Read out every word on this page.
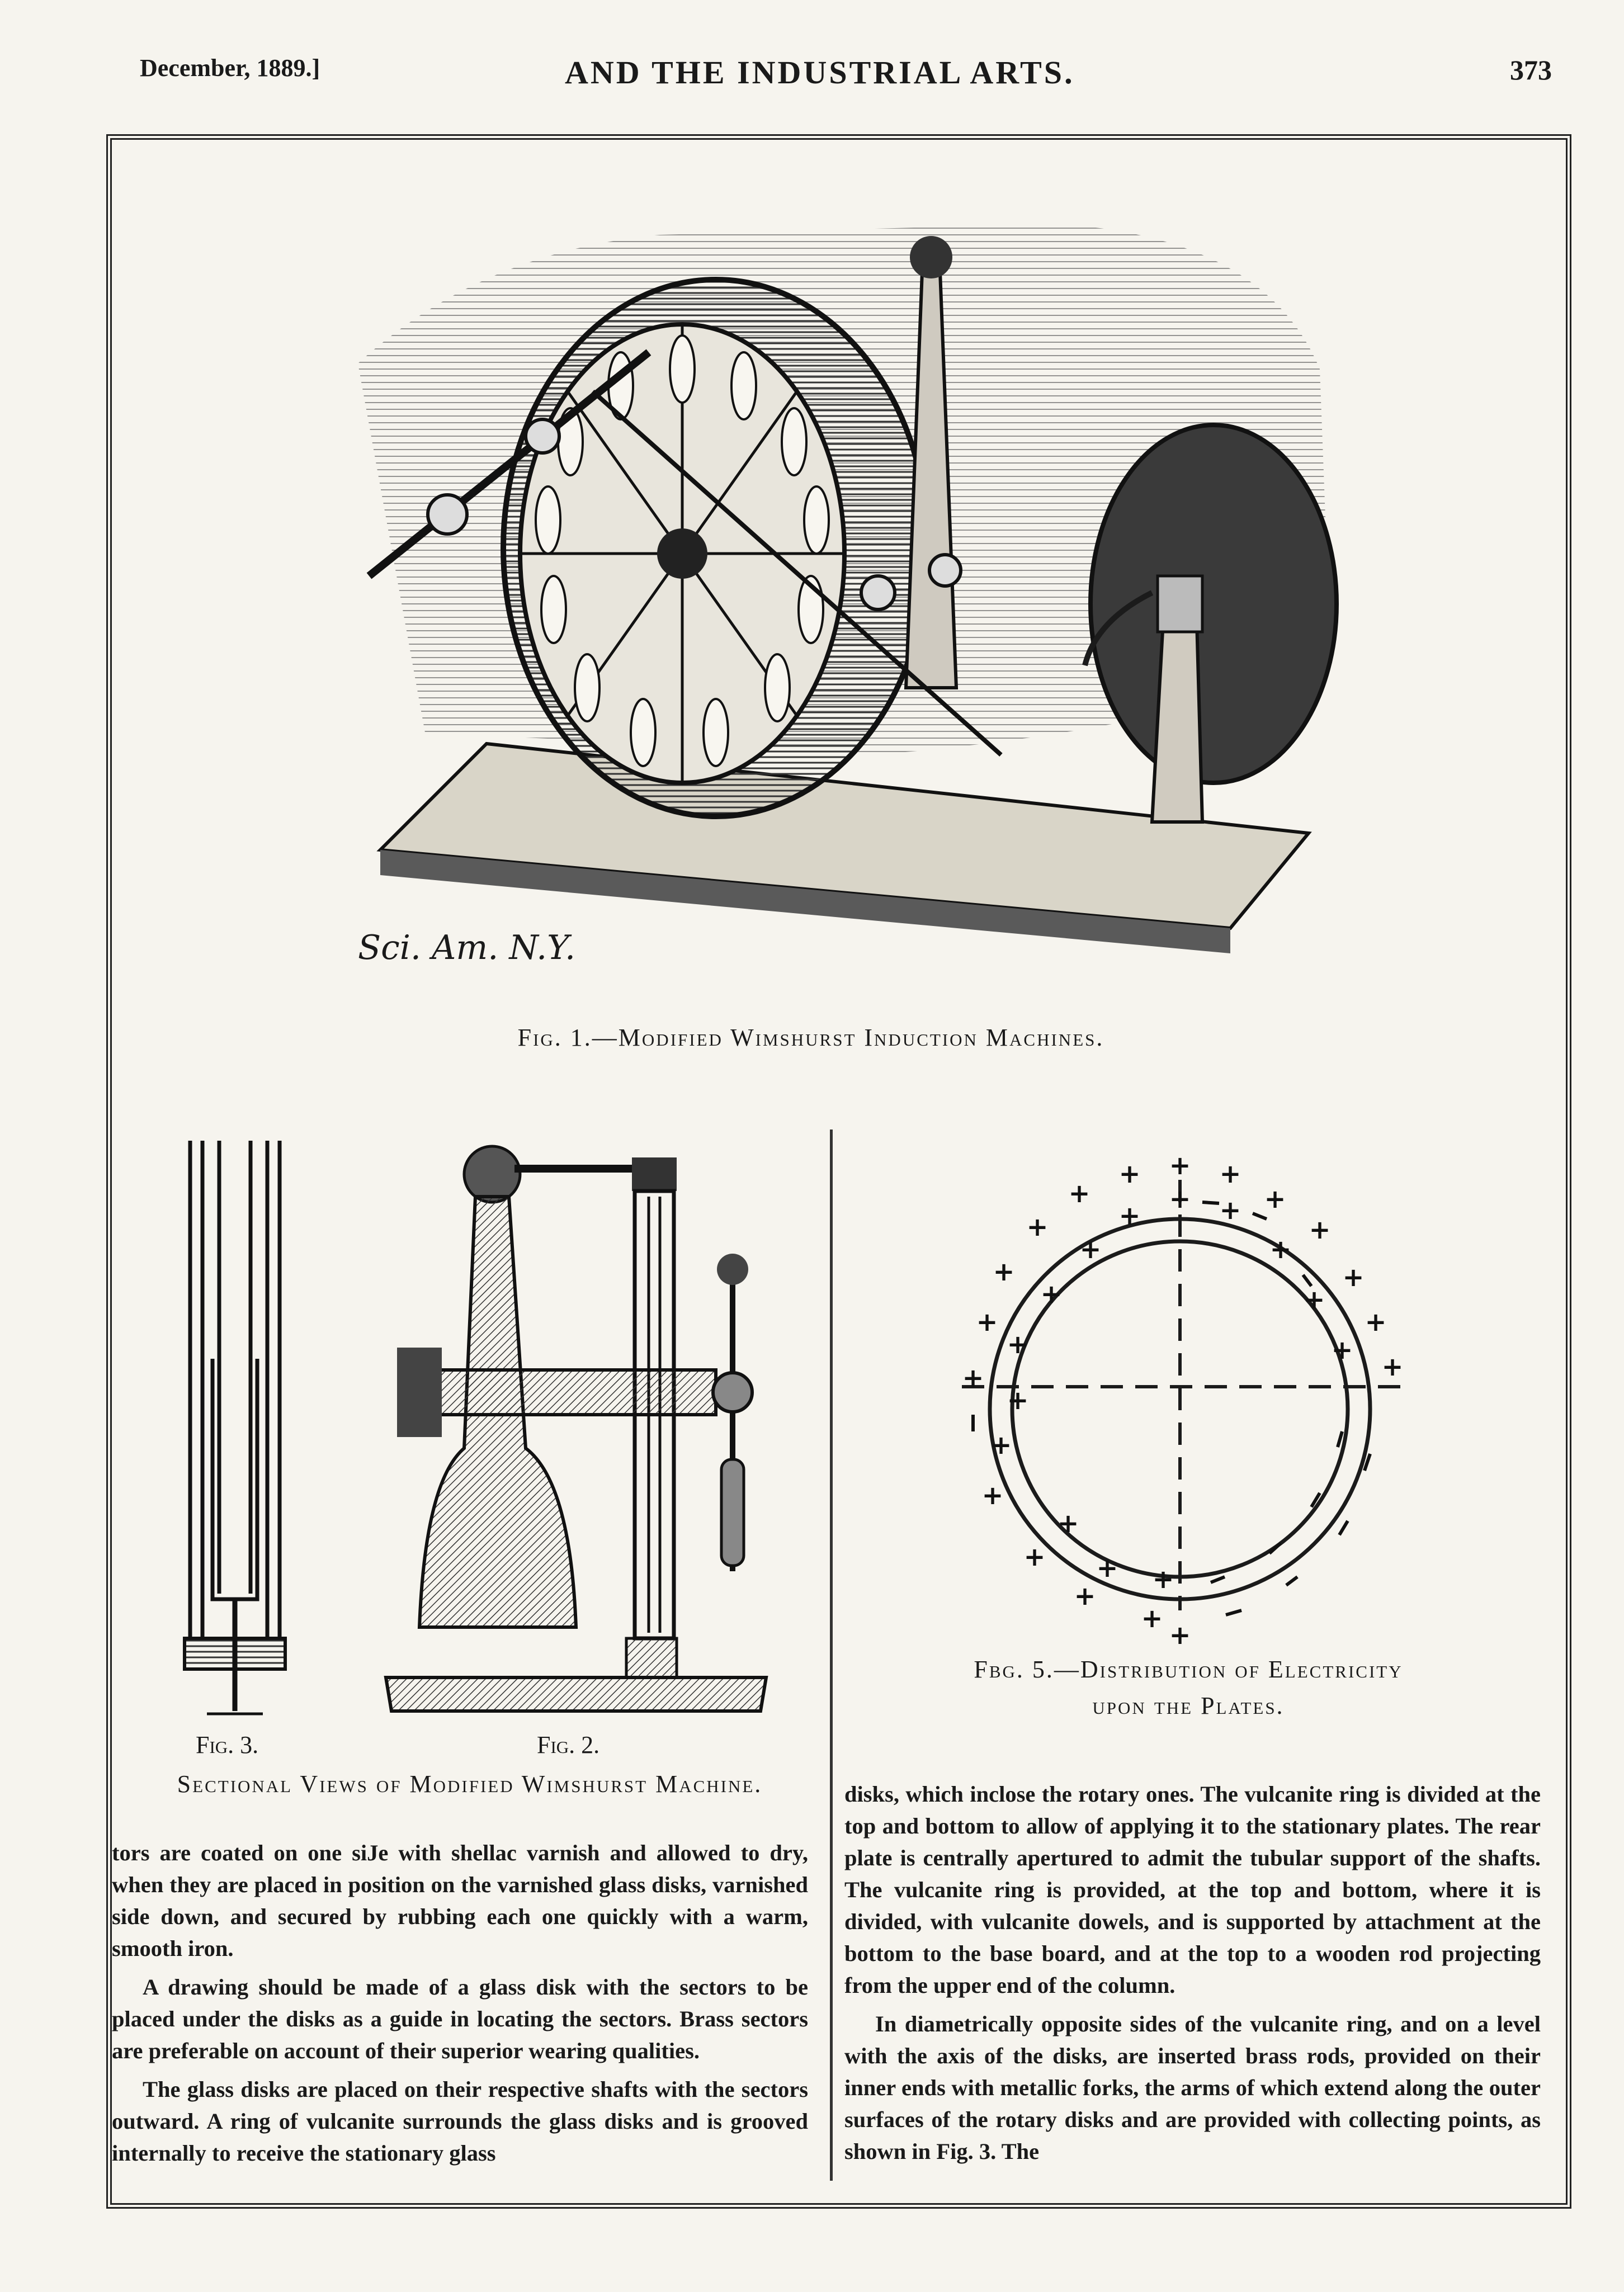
December, 1889.]	AND THE INDUSTRIAL ARTS.	373
Sci. Am. N.Y.
Fig. 1.—Modified Wimshurst Induction Machines.
Fig. 3.	Fig. 2.
Sectional Views of Modified Wimshurst Machine.
+
+	+
+	+
+	+
+	+
+	+
+	+
+
+
+
+
+
+
+
+ +
+	+
+	+
+	+
+
+
+ +
Fbg. 5.—Distribution of Electricity
upon the Plates.

tors are coated on one siJe with shellac varnish and allowed to dry, when they are placed in position on the varnished glass disks, varnished side down, and secured by rubbing each one quickly with a warm, smooth iron.

A drawing should be made of a glass disk with the sectors to be placed under the disks as a guide in locating the sectors. Brass sectors are preferable on account of their superior wearing qualities.

The glass disks are placed on their respective shafts with the sectors outward. A ring of vulcanite surrounds the glass disks and is grooved internally to receive the stationary glass

disks, which inclose the rotary ones. The vulcanite ring is divided at the top and bottom to allow of applying it to the stationary plates. The rear plate is centrally apertured to admit the tubular support of the shafts. The vulcanite ring is provided, at the top and bottom, where it is divided, with vulcanite dowels, and is supported by attachment at the bottom to the base board, and at the top to a wooden rod projecting from the upper end of the column.

In diametrically opposite sides of the vulcanite ring, and on a level with the axis of the disks, are inserted brass rods, provided on their inner ends with metallic forks, the arms of which extend along the outer surfaces of the rotary disks and are provided with collecting points, as shown in Fig. 3. The
